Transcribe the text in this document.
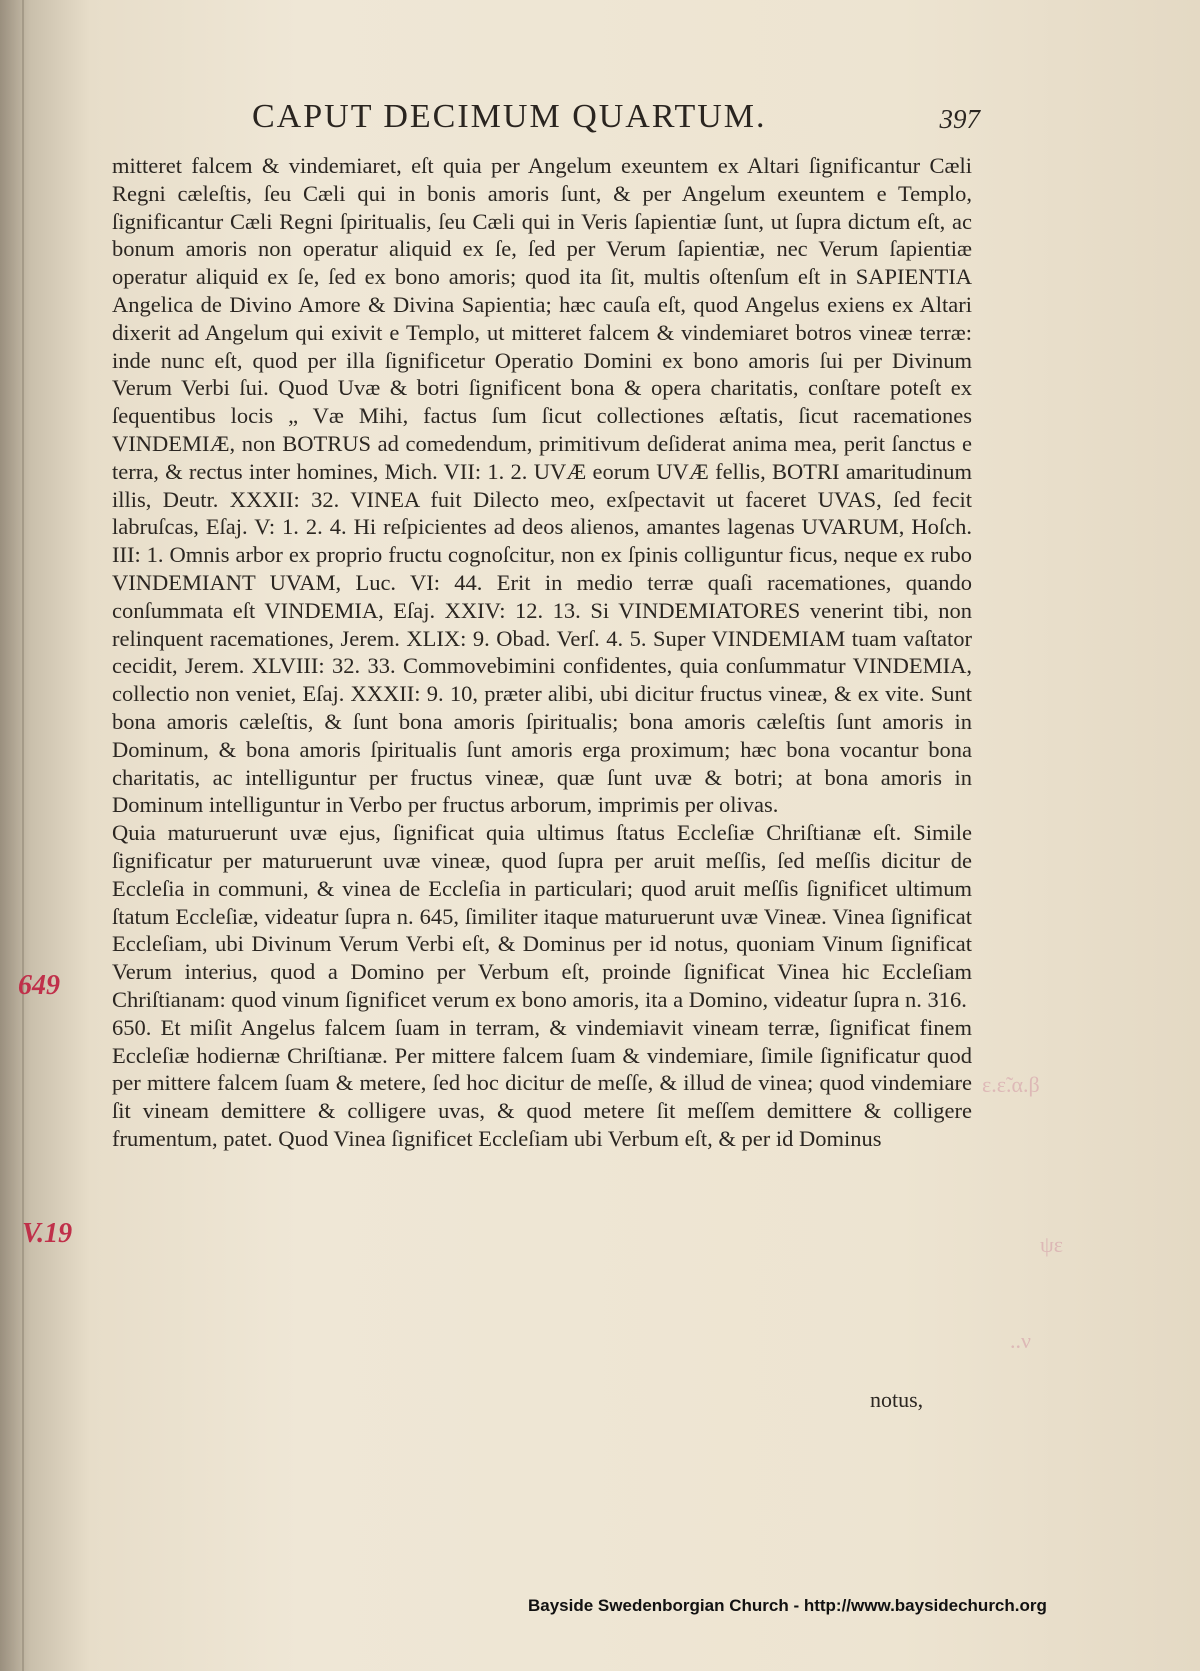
CAPUT DECIMUM QUARTUM.	397

mitteret falcem & vindemiaret, eſt quia per Angelum exeuntem ex Altari ſignificantur Cæli Regni cæleſtis, ſeu Cæli qui in bonis amoris ſunt, & per Angelum exeuntem e Templo, ſignificantur Cæli Regni ſpiritualis, ſeu Cæli qui in Veris ſapientiæ ſunt, ut ſupra dictum eſt, ac bonum amoris non operatur aliquid ex ſe, ſed per Verum ſapientiæ, nec Verum ſapientiæ operatur aliquid ex ſe, ſed ex bono amoris; quod ita ſit, multis oſtenſum eſt in SAPIENTIA Angelica de Divino Amore & Divina Sapientia; hæc cauſa eſt, quod Angelus exiens ex Altari dixerit ad Angelum qui exivit e Templo, ut mitteret falcem & vindemiaret botros vineæ terræ: inde nunc eſt, quod per illa ſignificetur Operatio Domini ex bono amoris ſui per Divinum Verum Verbi ſui. Quod Uvæ & botri ſignificent bona & opera charitatis, conſtare poteſt ex ſequentibus locis „ Væ Mihi, factus ſum ſicut collectiones æſtatis, ſicut racemationes VINDEMIÆ, non BOTRUS ad comedendum, primitivum deſiderat anima mea, perit ſanctus e terra, & rectus inter homines, Mich. VII: 1. 2. UVÆ eorum UVÆ fellis, BOTRI amaritudinum illis, Deutr. XXXII: 32. VINEA fuit Dilecto meo, exſpectavit ut faceret UVAS, ſed fecit labruſcas, Eſaj. V: 1. 2. 4. Hi reſpicientes ad deos alienos, amantes lagenas UVARUM, Hoſch. III: 1. Omnis arbor ex proprio fructu cognoſcitur, non ex ſpinis colliguntur ficus, neque ex rubo VINDEMIANT UVAM, Luc. VI: 44. Erit in medio terræ quaſi racemationes, quando conſummata eſt VINDEMIA, Eſaj. XXIV: 12. 13. Si VINDEMIATORES venerint tibi, non relinquent racemationes, Jerem. XLIX: 9. Obad. Verſ. 4. 5. Super VINDEMIAM tuam vaſtator cecidit, Jerem. XLVIII: 32. 33. Commovebimini confidentes, quia conſummatur VINDEMIA, collectio non veniet, Eſaj. XXXII: 9. 10, præter alibi, ubi dicitur fructus vineæ, & ex vite. Sunt bona amoris cæleſtis, & ſunt bona amoris ſpiritualis; bona amoris cæleſtis ſunt amoris in Dominum, & bona amoris ſpiritualis ſunt amoris erga proximum; hæc bona vocantur bona charitatis, ac intelliguntur per fructus vineæ, quæ ſunt uvæ & botri; at bona amoris in Dominum intelliguntur in Verbo per fructus arborum, imprimis per olivas.

Quia maturuerunt uvæ ejus, ſignificat quia ultimus ſtatus Eccleſiæ Chriſtianæ eſt. Simile ſignificatur per maturuerunt uvæ vineæ, quod ſupra per aruit meſſis, ſed meſſis dicitur de Eccleſia in communi, & vinea de Eccleſia in particulari; quod aruit meſſis ſignificet ultimum ſtatum Eccleſiæ, videatur ſupra n. 645, ſimiliter itaque maturuerunt uvæ Vineæ. Vinea ſignificat Eccleſiam, ubi Divinum Verum Verbi eſt, & Dominus per id notus, quoniam Vinum ſignificat Verum interius, quod a Domino per Verbum eſt, proinde ſignificat Vinea hic Eccleſiam Chriſtianam: quod vinum ſignificet verum ex bono amoris, ita a Domino, videatur ſupra n. 316.

650. Et miſit Angelus falcem ſuam in terram, & vindemiavit vineam terræ, ſignificat finem Eccleſiæ hodiernæ Chriſtianæ. Per mittere falcem ſuam & vindemiare, ſimile ſignificatur quod per mittere falcem ſuam & metere, ſed hoc dicitur de meſſe, & illud de vinea; quod vindemiare ſit vineam demittere & colligere uvas, & quod metere ſit meſſem demittere & colligere frumentum, patet. Quod Vinea ſignificet Eccleſiam ubi Verbum eſt, & per id Dominus

notus,
649
V.19
ε.ε̃.α.β
ψε
..ν
Bayside Swedenborgian Church - http://www.baysidechurch.org
